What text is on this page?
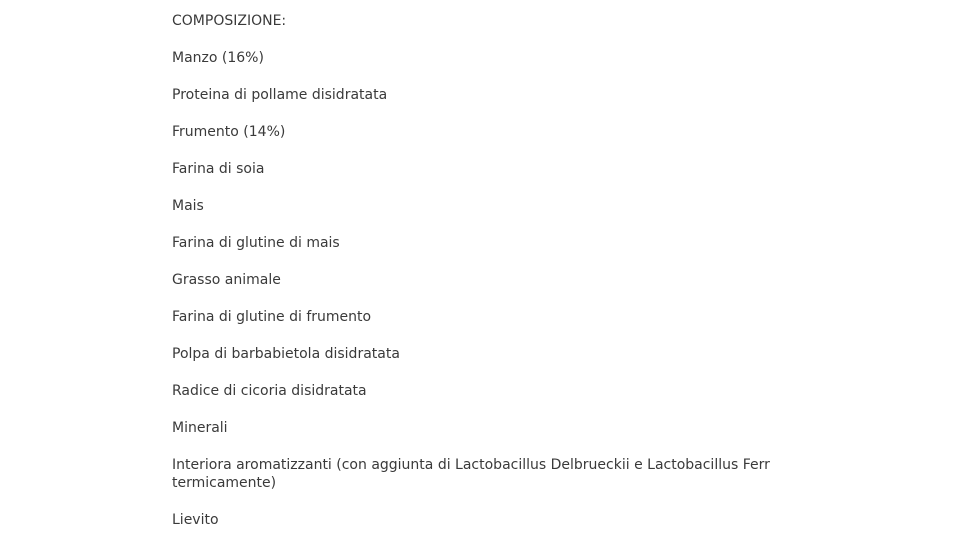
COMPOSIZIONE:
Manzo (16%)
Proteina di pollame disidratata
Frumento (14%)
Farina di soia
Mais
Farina di glutine di mais
Grasso animale
Farina di glutine di frumento
Polpa di barbabietola disidratata
Radice di cicoria disidratata
Minerali
Interiora aromatizzanti (con aggiunta di Lactobacillus Delbrueckii e Lactobacillus Ferr
termicamente)
Lievito
